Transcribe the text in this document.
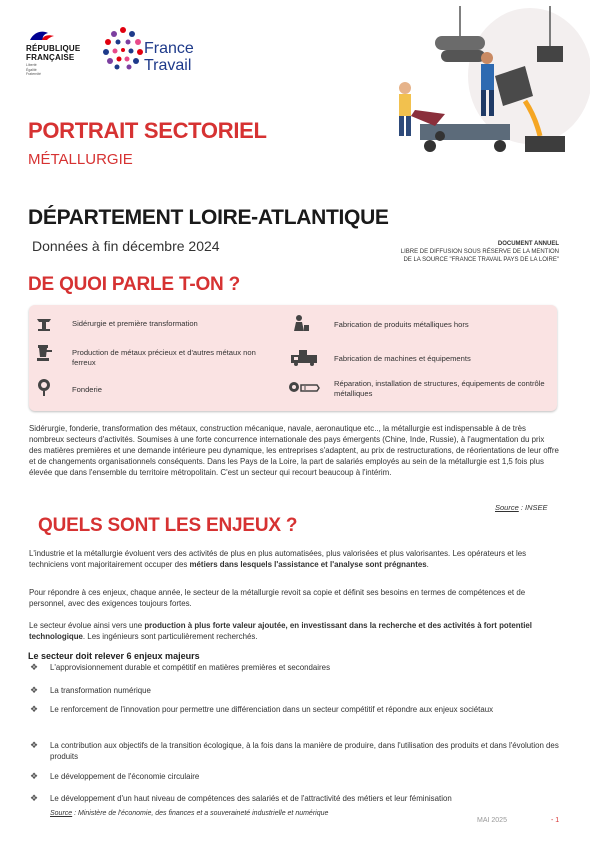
RÉPUBLIQUE
FRANÇAISE
Liberté
Égalité
Fraternité
France
Travail
PORTRAIT SECTORIEL
MÉTALLURGIE
DÉPARTEMENT LOIRE-ATLANTIQUE
Données à fin décembre 2024	DOCUMENT ANNUEL
LIBRE DE DIFFUSION SOUS RÉSERVE DE LA MENTION
DE LA SOURCE "FRANCE TRAVAIL PAYS DE LA LOIRE"
DE QUOI PARLE T-ON ?
Sidérurgie et première transformation
Production de métaux précieux et d'autres métaux non ferreux
Fonderie
Fabrication de produits métalliques hors
Fabrication de machines et équipements
Réparation, installation de structures, équipements de contrôle métalliques
Sidérurgie, fonderie, transformation des métaux, construction mécanique, navale, aeronautique etc.., la métallurgie est indispensable à de très nombreux secteurs d'activités. Soumises à une forte concurrence internationale des pays émergents (Chine, Inde, Russie), à l'augmentation du prix des matières premières et une demande intérieure peu dynamique, les entreprises s'adaptent, au prix de restructurations, de réorientations de leur offre et de changements organisationnels conséquents. Dans les Pays de la Loire, la part de salariés employés au sein de la métallurgie est 1,5 fois plus élevée que dans l'ensemble du territoire métropolitain. C'est un secteur qui recourt beaucoup à l'intérim.
Source : INSEE
QUELS SONT LES ENJEUX ?
L'industrie et la métallurgie évoluent vers des activités de plus en plus automatisées, plus valorisées et plus valorisantes. Les opérateurs et les techniciens vont majoritairement occuper des métiers dans lesquels l'assistance et l'analyse sont prégnantes.
Pour répondre à ces enjeux, chaque année, le secteur de la métallurgie revoit sa copie et définit ses besoins en termes de compétences et de personnel, avec des exigences toujours fortes.
Le secteur évolue ainsi vers une production à plus forte valeur ajoutée, en investissant dans la recherche et des activités à fort potentiel technologique. Les ingénieurs sont particulièrement recherchés.
Le secteur doit relever 6 enjeux majeurs
❖	L'approvisionnement durable et compétitif en matières premières et secondaires
❖	La transformation numérique
❖	Le renforcement de l'innovation pour permettre une différenciation dans un secteur compétitif et répondre aux enjeux sociétaux
❖	La contribution aux objectifs de la transition écologique, à la fois dans la manière de produire, dans l'utilisation des produits et dans l'évolution des produits
❖	Le développement de l'économie circulaire
❖	Le développement d'un haut niveau de compétences des salariés et de l'attractivité des métiers et leur féminisation
Source : Ministère de l'économie, des finances et a souveraineté industrielle et numérique
MAI 2025	- 1
